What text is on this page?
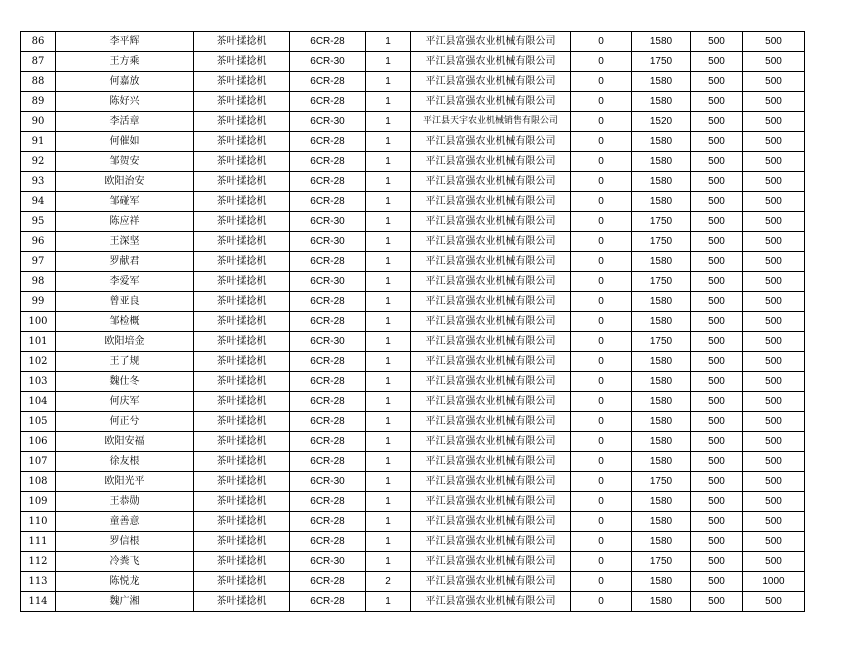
86	李平辉	茶叶揉捻机	6CR-28	1	平江县富强农业机械有限公司	0	1580	500	500
87	王方乘	茶叶揉捻机	6CR-30	1	平江县富强农业机械有限公司	0	1750	500	500
88	何嘉放	茶叶揉捻机	6CR-28	1	平江县富强农业机械有限公司	0	1580	500	500
89	陈好兴	茶叶揉捻机	6CR-28	1	平江县富强农业机械有限公司	0	1580	500	500
90	李活章	茶叶揉捻机	6CR-30	1	平江县天宇农业机械销售有限公司	0	1520	500	500
91	何催如	茶叶揉捻机	6CR-28	1	平江县富强农业机械有限公司	0	1580	500	500
92	邹贺安	茶叶揉捻机	6CR-28	1	平江县富强农业机械有限公司	0	1580	500	500
93	欧阳治安	茶叶揉捻机	6CR-28	1	平江县富强农业机械有限公司	0	1580	500	500
94	邹碰军	茶叶揉捻机	6CR-28	1	平江县富强农业机械有限公司	0	1580	500	500
95	陈应祥	茶叶揉捻机	6CR-30	1	平江县富强农业机械有限公司	0	1750	500	500
96	王深坚	茶叶揉捻机	6CR-30	1	平江县富强农业机械有限公司	0	1750	500	500
97	罗献君	茶叶揉捻机	6CR-28	1	平江县富强农业机械有限公司	0	1580	500	500
98	李爱军	茶叶揉捻机	6CR-30	1	平江县富强农业机械有限公司	0	1750	500	500
99	曾亚良	茶叶揉捻机	6CR-28	1	平江县富强农业机械有限公司	0	1580	500	500
100	邹检概	茶叶揉捻机	6CR-28	1	平江县富强农业机械有限公司	0	1580	500	500
101	欧阳培金	茶叶揉捻机	6CR-30	1	平江县富强农业机械有限公司	0	1750	500	500
102	王了规	茶叶揉捻机	6CR-28	1	平江县富强农业机械有限公司	0	1580	500	500
103	魏仕冬	茶叶揉捻机	6CR-28	1	平江县富强农业机械有限公司	0	1580	500	500
104	何庆军	茶叶揉捻机	6CR-28	1	平江县富强农业机械有限公司	0	1580	500	500
105	何正兮	茶叶揉捻机	6CR-28	1	平江县富强农业机械有限公司	0	1580	500	500
106	欧阳安福	茶叶揉捻机	6CR-28	1	平江县富强农业机械有限公司	0	1580	500	500
107	徐友根	茶叶揉捻机	6CR-28	1	平江县富强农业机械有限公司	0	1580	500	500
108	欧阳光平	茶叶揉捻机	6CR-30	1	平江县富强农业机械有限公司	0	1750	500	500
109	王恭勋	茶叶揉捻机	6CR-28	1	平江县富强农业机械有限公司	0	1580	500	500
110	童善意	茶叶揉捻机	6CR-28	1	平江县富强农业机械有限公司	0	1580	500	500
111	罗信根	茶叶揉捻机	6CR-28	1	平江县富强农业机械有限公司	0	1580	500	500
112	冷粪飞	茶叶揉捻机	6CR-30	1	平江县富强农业机械有限公司	0	1750	500	500
113	陈悦龙	茶叶揉捻机	6CR-28	2	平江县富强农业机械有限公司	0	1580	500	1000
114	魏广湘	茶叶揉捻机	6CR-28	1	平江县富强农业机械有限公司	0	1580	500	500
